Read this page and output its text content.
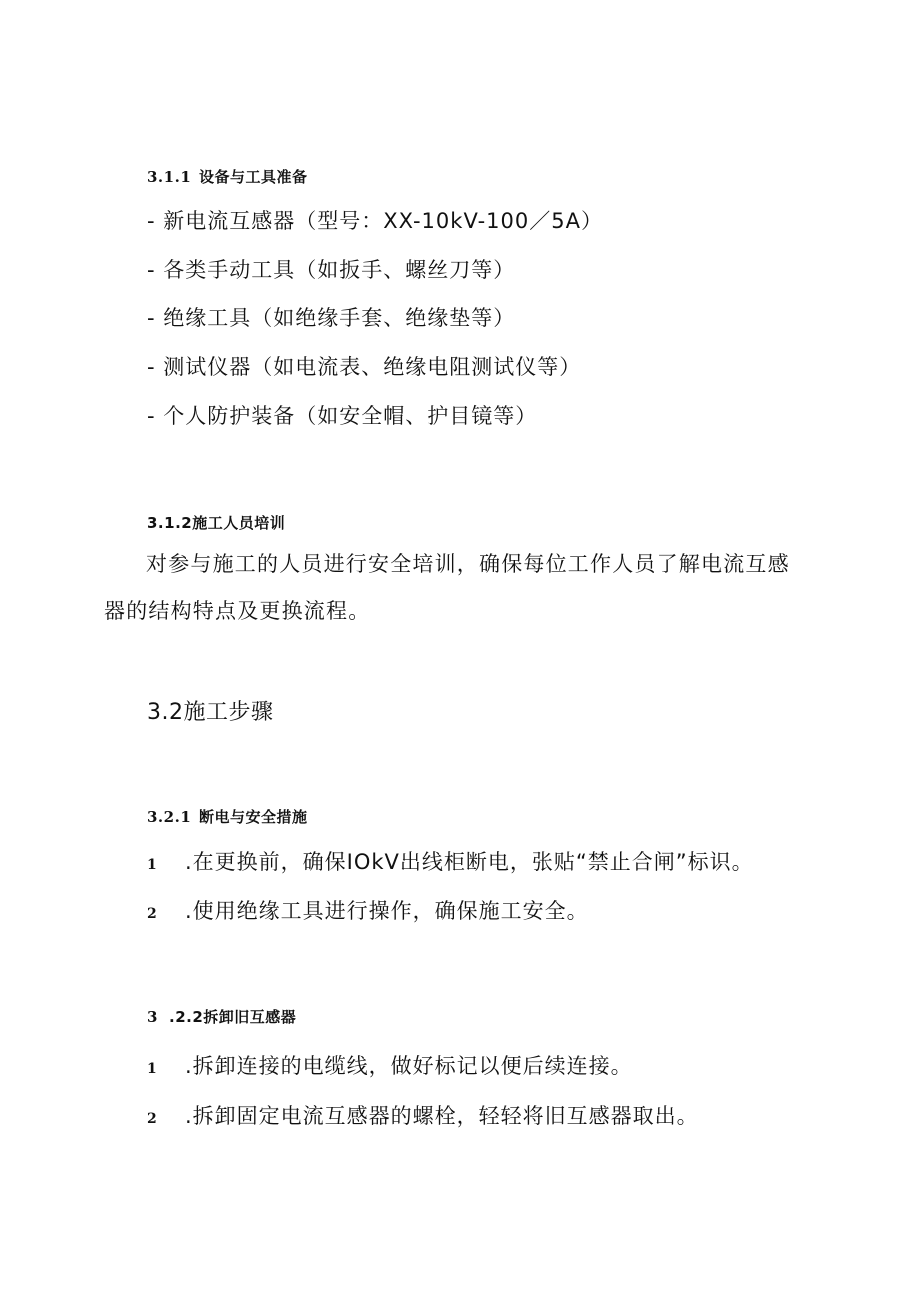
3.1.1 设备与工具准备
- 新电流互感器（型号：XX-10kV-100／5A）
- 各类手动工具（如扳手、螺丝刀等）
- 绝缘工具（如绝缘手套、绝缘垫等）
- 测试仪器（如电流表、绝缘电阻测试仪等）
- 个人防护装备（如安全帽、护目镜等）
3.1.2施工人员培训
对参与施工的人员进行安全培训，确保每位工作人员了解电流互感器的结构特点及更换流程。
3.2施工步骤
3.2.1 断电与安全措施
1 .在更换前，确保IOkV出线柜断电，张贴“禁止合闸”标识。
2 .使用绝缘工具进行操作，确保施工安全。
3 .2.2拆卸旧互感器
1 .拆卸连接的电缆线，做好标记以便后续连接。
2 .拆卸固定电流互感器的螺栓，轻轻将旧互感器取出。
